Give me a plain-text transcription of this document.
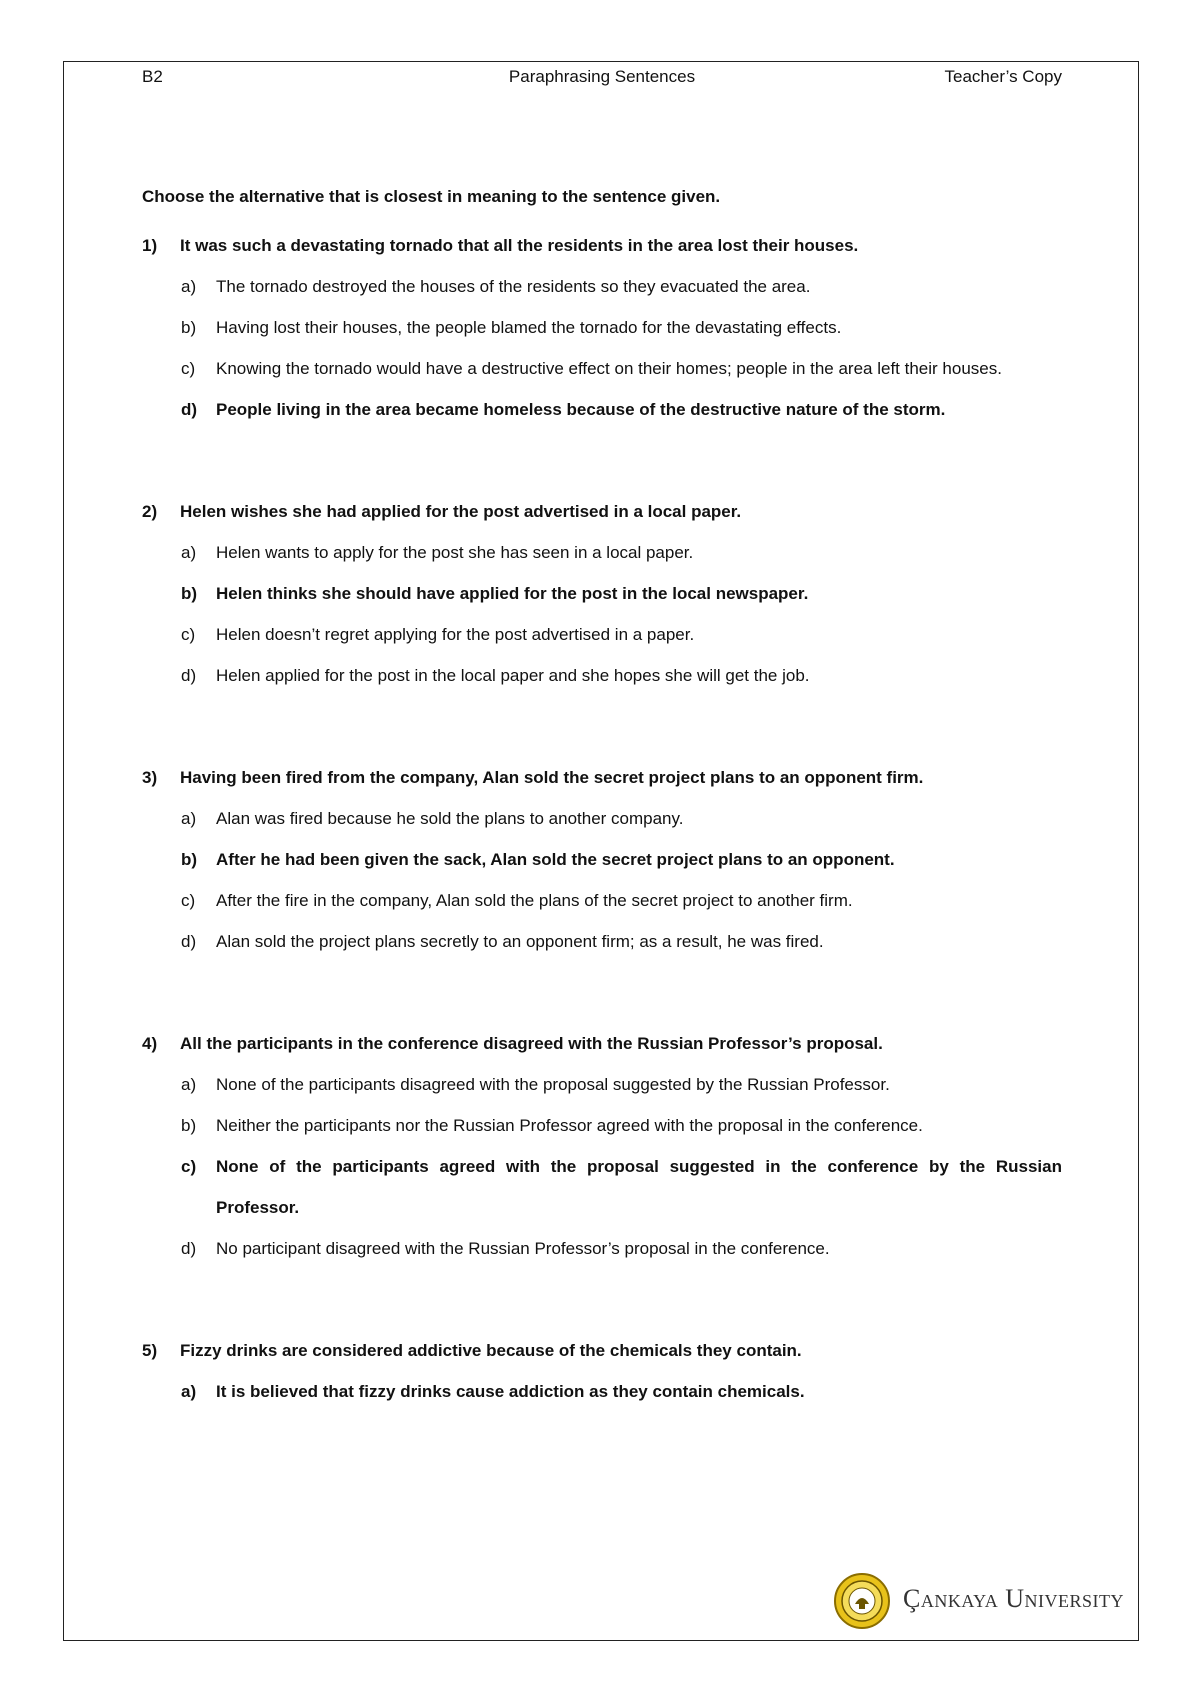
B2	Paraphrasing Sentences	Teacher’s Copy

Choose the alternative that is closest in meaning to the sentence given.

1)	It was such a devastating tornado that all the residents in the area lost their houses.
a)	The tornado destroyed the houses of the residents so they evacuated the area.
b)	Having lost their houses, the people blamed the tornado for the devastating effects.
c)	Knowing the tornado would have a destructive effect on their homes; people in the area left their houses.
d)	People living in the area became homeless because of the destructive nature of the storm.
2)	Helen wishes she had applied for the post advertised in a local paper.
a)	Helen wants to apply for the post she has seen in a local paper.
b)	Helen thinks she should have applied for the post in the local newspaper.
c)	Helen doesn’t regret applying for the post advertised in a paper.
d)	Helen applied for the post in the local paper and she hopes she will get the job.
3)	Having been fired from the company, Alan sold the secret project plans to an opponent firm.
a)	Alan was fired because he sold the plans to another company.
b)	After he had been given the sack, Alan sold the secret project plans to an opponent.
c)	After the fire in the company, Alan sold the plans of the secret project to another firm.
d)	Alan sold the project plans secretly to an opponent firm; as a result, he was fired.
4)	All the participants in the conference disagreed with the Russian Professor’s proposal.
a)	None of the participants disagreed with the proposal suggested by the Russian Professor.
b)	Neither the participants nor the Russian Professor agreed with the proposal in the conference.
c)	None of the participants agreed with the proposal suggested in the conference by the Russian Professor.
d)	No participant disagreed with the Russian Professor’s proposal in the conference.
5)	Fizzy drinks are considered addictive because of the chemicals they contain.
a)	It is believed that fizzy drinks cause addiction as they contain chemicals.
Çankaya University
